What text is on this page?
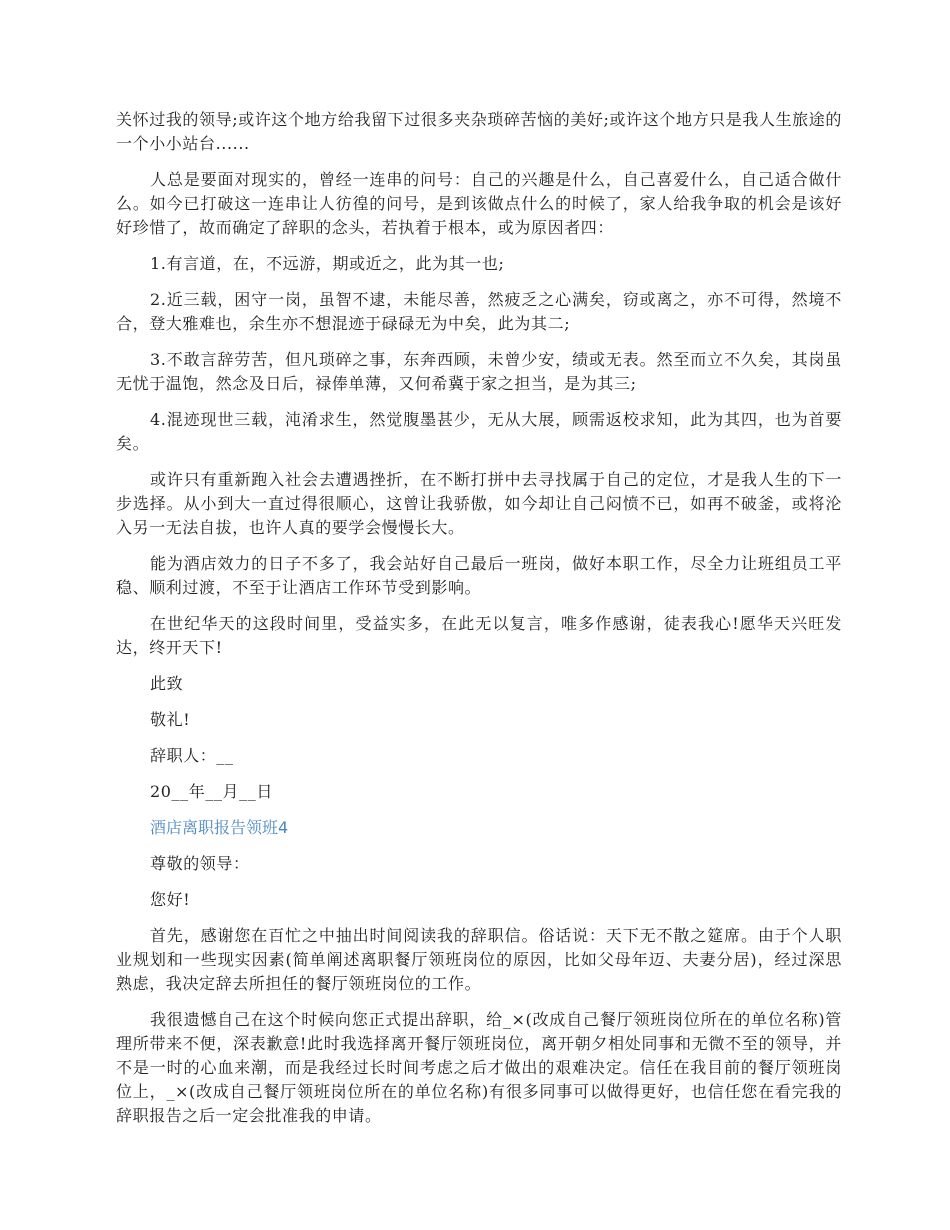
关怀过我的领导;或许这个地方给我留下过很多夹杂琐碎苦恼的美好;或许这个地方只是我人生旅途的一个小小站台......

人总是要面对现实的，曾经一连串的问号：自己的兴趣是什么，自己喜爱什么，自己适合做什么。如今已打破这一连串让人彷徨的问号，是到该做点什么的时候了，家人给我争取的机会是该好好珍惜了，故而确定了辞职的念头，若执着于根本，或为原因者四：

1.有言道，在，不远游，期或近之，此为其一也;

2.近三载，困守一岗，虽智不逮，未能尽善，然疲乏之心满矣，窃或离之，亦不可得，然境不合，登大雅难也，余生亦不想混迹于碌碌无为中矣，此为其二;

3.不敢言辞劳苦，但凡琐碎之事，东奔西顾，未曾少安，绩或无表。然至而立不久矣，其岗虽无忧于温饱，然念及日后，禄俸单薄，又何希冀于家之担当，是为其三;

4.混迹现世三载，沌淆求生，然觉腹墨甚少，无从大展，顾需返校求知，此为其四，也为首要矣。

或许只有重新跑入社会去遭遇挫折，在不断打拼中去寻找属于自己的定位，才是我人生的下一步选择。从小到大一直过得很顺心，这曾让我骄傲，如今却让自己闷愤不已，如再不破釜，或将沦入另一无法自拔，也许人真的要学会慢慢长大。

能为酒店效力的日子不多了，我会站好自己最后一班岗，做好本职工作，尽全力让班组员工平稳、顺利过渡，不至于让酒店工作环节受到影响。

在世纪华天的这段时间里，受益实多，在此无以复言，唯多作感谢，徒表我心!愿华天兴旺发达，终开天下!

此致

敬礼!

辞职人：__

20__年__月__日

酒店离职报告领班4

尊敬的领导：

您好!

首先，感谢您在百忙之中抽出时间阅读我的辞职信。俗话说：天下无不散之筵席。由于个人职业规划和一些现实因素(简单阐述离职餐厅领班岗位的原因，比如父母年迈、夫妻分居)，经过深思熟虑，我决定辞去所担任的餐厅领班岗位的工作。

我很遗憾自己在这个时候向您正式提出辞职，给_×(改成自己餐厅领班岗位所在的单位名称)管理所带来不便，深表歉意!此时我选择离开餐厅领班岗位，离开朝夕相处同事和无微不至的领导，并不是一时的心血来潮，而是我经过长时间考虑之后才做出的艰难决定。信任在我目前的餐厅领班岗位上，_×(改成自己餐厅领班岗位所在的单位名称)有很多同事可以做得更好，也信任您在看完我的辞职报告之后一定会批准我的申请。
